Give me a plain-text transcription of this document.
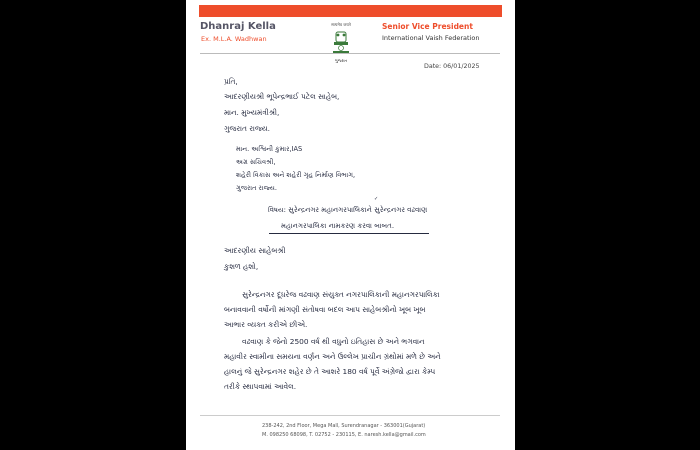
Dhanraj Kella
Ex. M.L.A. Wadhwan
सत्यमेव जयते
ગુજરાત
Senior Vice President
International Vaish Federation
Date: 06/01/2025
પ્રતિ,
આદરણીયશ્રી ભૂપેન્દ્રભાઈ પટેલ સાહેબ,
માન. મુખ્યમંત્રીશ્રી,
ગુજરાત રાજ્ય.
માન. અશ્વિની કુમાર,IAS
અગ્ર સચિવશ્રી,
શહેરી વિકાસ અને શહેરી ગૃહ નિર્માણ વિભાગ,
ગુજરાત રાજ્ય.
✓
વિષય: સુરેન્દ્રનગર મહાનગરપાલિકાને સુરેન્દ્રનગર વઢવાણ
મહાનગરપાલિકા નામકરણ કરવા બાબત.
આદરણીય સાહેબશ્રી
કુશળ હશો,
સુરેન્દ્રનગર દૂધરેજ વઢવાણ સંયુક્ત નગરપાલિકાની મહાનગરપાલિકા
બનાવવાની વર્ષોની માંગણી સંતોષવા બદલ આપ સાહેબશ્રીનો ખૂબ ખૂબ
આભાર વ્યક્ત કરીએ છીએ.
વઢવાણ કે જેનો 2500 વર્ષ થી વધુનો ઇતિહાસ છે અને ભગવાન
મહાવીર સ્વામીના સમયના વર્ણન અને ઉલ્લેખ પ્રાચીન ગ્રંથોમાં મળે છે અને
હાલનું જે સુરેન્દ્રનગર શહેર છે તે આશરે 180 વર્ષ પૂર્વે અંગ્રેજો દ્વારા કેમ્પ
તરીકે સ્થાપવામાં આવેલ.
238-242, 2nd Floor, Mega Mall, Surendranagar - 363001(Gujarat)
M. 098250 68098, T. 02752 - 230115, E. naresh.kella@gmail.com
